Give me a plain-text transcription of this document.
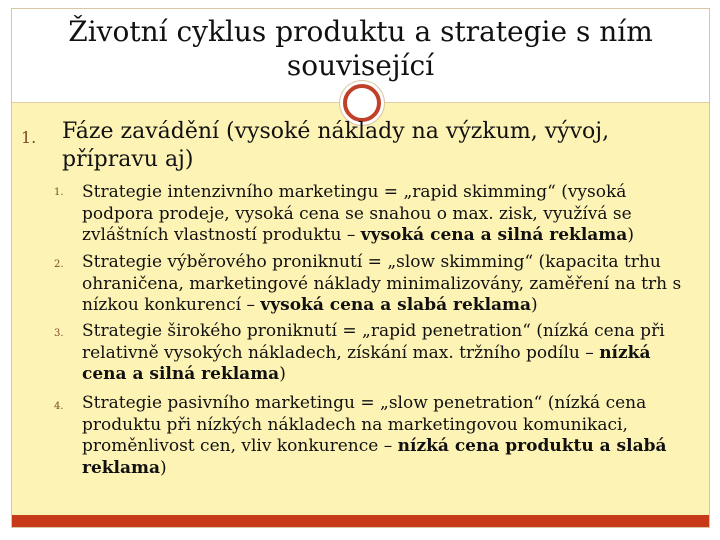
Životní cyklus produktu a strategie s ním související
1. Fáze zavádění (vysoké náklady na výzkum, vývoj, přípravu aj)
1. Strategie intenzivního marketingu = „rapid skimming“ (vysoká podpora prodeje, vysoká cena se snahou o max. zisk, využívá se zvláštních vlastností produktu – vysoká cena a silná reklama)
2. Strategie výběrového proniknutí = „slow skimming“ (kapacita trhu ohraničena, marketingové náklady minimalizovány, zaměření na trh s nízkou konkurencí – vysoká cena a slabá reklama)
3. Strategie širokého proniknutí = „rapid penetration“ (nízká cena při relativně vysokých nákladech, získání max. tržního podílu – nízká cena a silná reklama)
4. Strategie pasivního marketingu = „slow penetration“ (nízká cena produktu při nízkých nákladech na marketingovou komunikaci, proměnlivost cen, vliv konkurence – nízká cena produktu a slabá reklama)
